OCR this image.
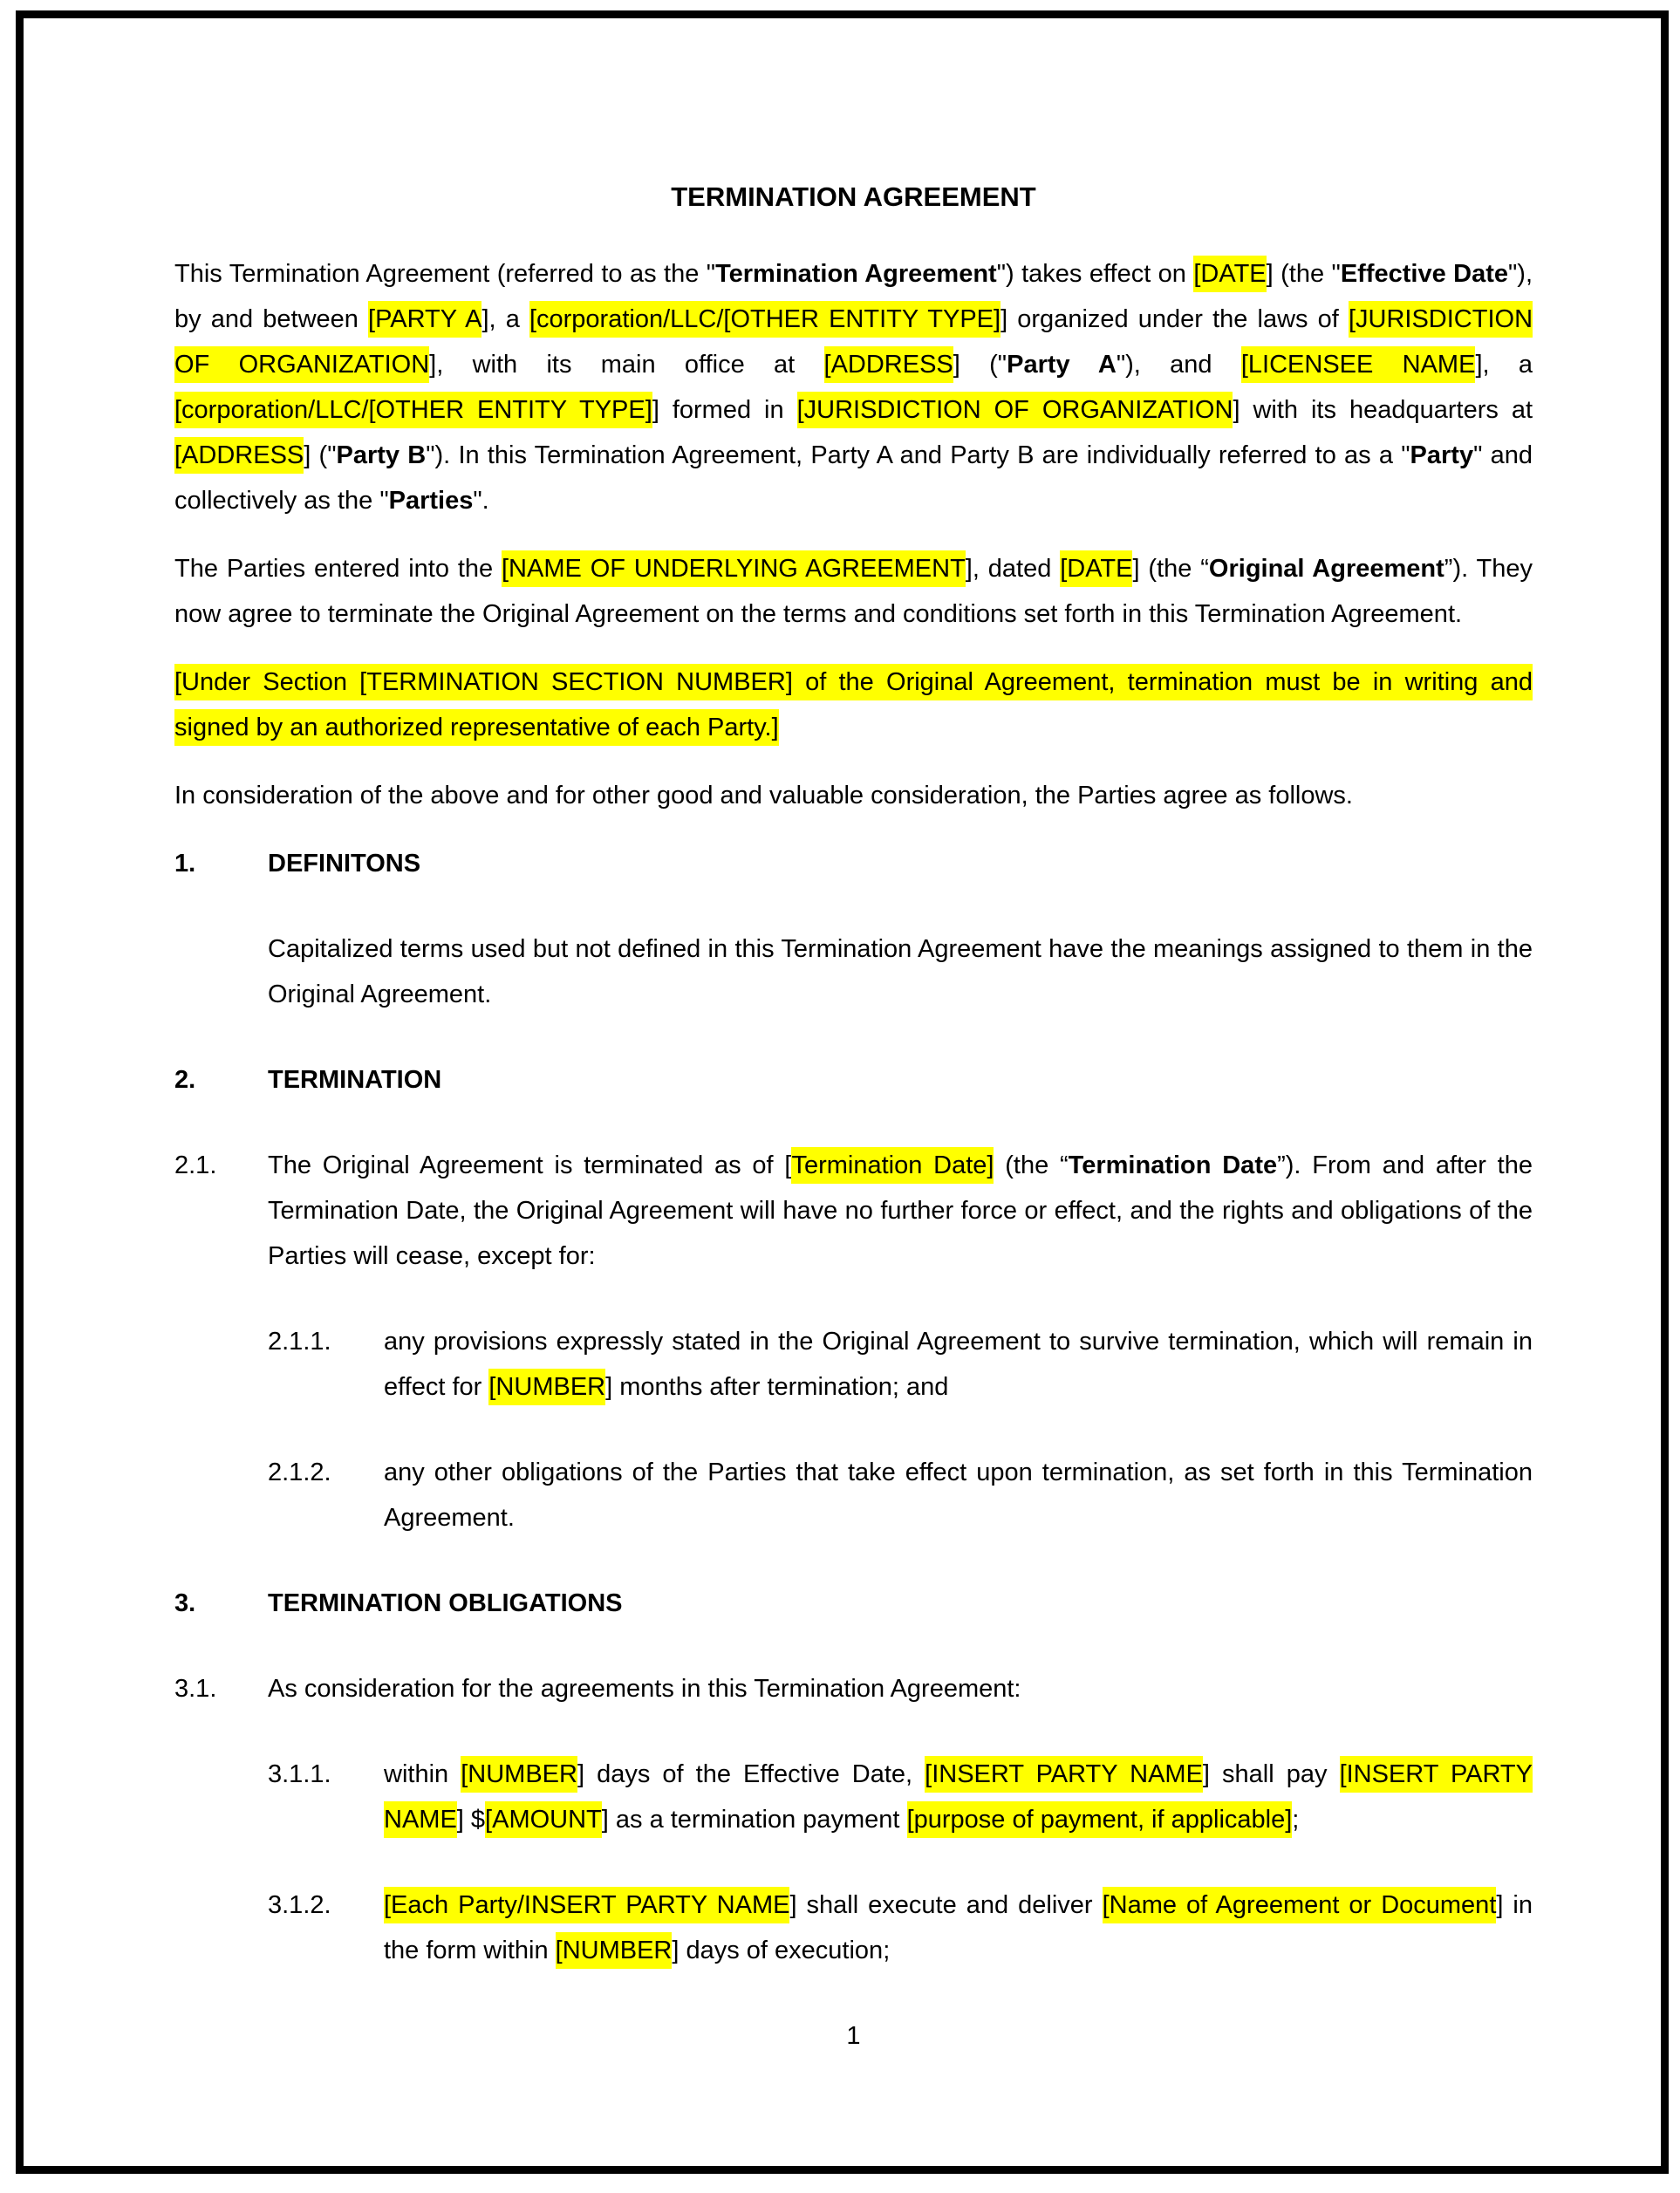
TERMINATION AGREEMENT
This Termination Agreement (referred to as the "Termination Agreement") takes effect on [DATE] (the "Effective Date"), by and between [PARTY A], a [corporation/LLC/[OTHER ENTITY TYPE]] organized under the laws of [JURISDICTION OF ORGANIZATION], with its main office at [ADDRESS] ("Party A"), and [LICENSEE NAME], a [corporation/LLC/[OTHER ENTITY TYPE]] formed in [JURISDICTION OF ORGANIZATION] with its headquarters at [ADDRESS] ("Party B"). In this Termination Agreement, Party A and Party B are individually referred to as a "Party" and collectively as the "Parties".
The Parties entered into the [NAME OF UNDERLYING AGREEMENT], dated [DATE] (the “Original Agreement”). They now agree to terminate the Original Agreement on the terms and conditions set forth in this Termination Agreement.
[Under Section [TERMINATION SECTION NUMBER] of the Original Agreement, termination must be in writing and signed by an authorized representative of each Party.]
In consideration of the above and for other good and valuable consideration, the Parties agree as follows.
1.	DEFINITONS
Capitalized terms used but not defined in this Termination Agreement have the meanings assigned to them in the Original Agreement.
2.	TERMINATION
2.1.	The Original Agreement is terminated as of [Termination Date] (the “Termination Date”). From and after the Termination Date, the Original Agreement will have no further force or effect, and the rights and obligations of the Parties will cease, except for:
2.1.1.	any provisions expressly stated in the Original Agreement to survive termination, which will remain in effect for [NUMBER] months after termination; and
2.1.2.	any other obligations of the Parties that take effect upon termination, as set forth in this Termination Agreement.
3.	TERMINATION OBLIGATIONS
3.1.	As consideration for the agreements in this Termination Agreement:
3.1.1.	within [NUMBER] days of the Effective Date, [INSERT PARTY NAME] shall pay [INSERT PARTY NAME] $[AMOUNT] as a termination payment [purpose of payment, if applicable];
3.1.2.	[Each Party/INSERT PARTY NAME] shall execute and deliver [Name of Agreement or Document] in the form within [NUMBER] days of execution;
1
